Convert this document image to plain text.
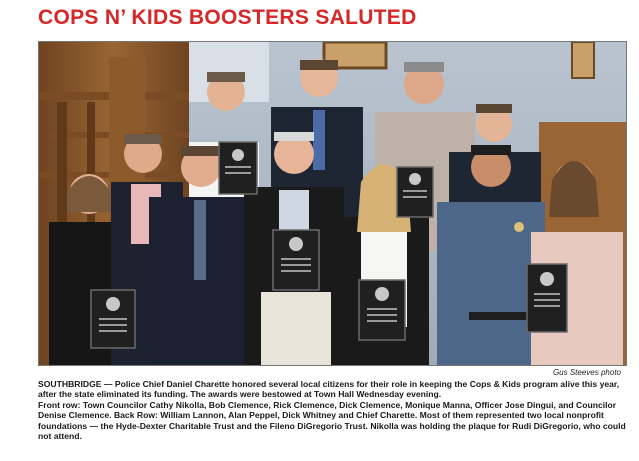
COPS N’ KIDS BOOSTERS SALUTED
Gus Steeves photo

SOUTHBRIDGE — Police Chief Daniel Charette honored several local citizens for their role in keeping the Cops & Kids program alive this year, after the state eliminated its funding. The awards were bestowed at Town Hall Wednesday evening.

Front row: Town Councilor Cathy Nikolla, Bob Clemence, Rick Clemence, Dick Clemence, Monique Manna, Officer Jose Dingui, and Councilor Denise Clemence. Back Row: William Lannon, Alan Peppel, Dick Whitney and Chief Charette. Most of them represented two local nonprofit foundations — the Hyde-Dexter Charitable Trust and the Fileno DiGregorio Trust. Nikolla was holding the plaque for Rudi DiGregorio, who could not attend.
